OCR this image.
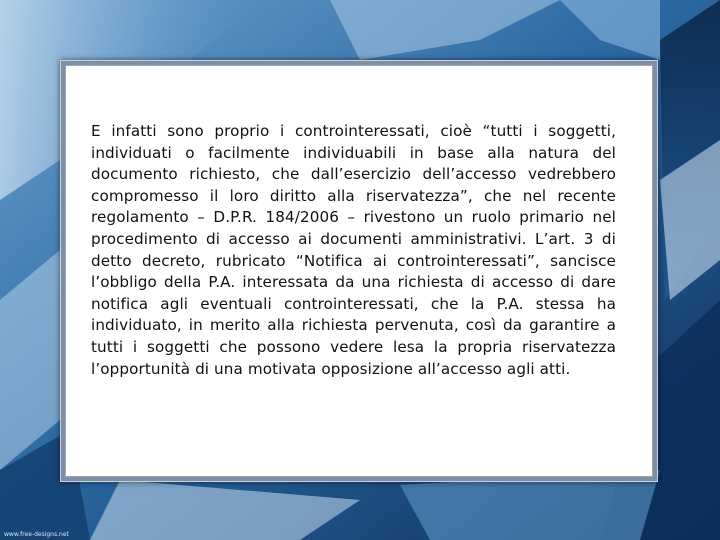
E infatti sono proprio i controinteressati, cioè “tutti i soggetti, individuati o facilmente individuabili in base alla natura del documento richiesto, che dall’esercizio dell’accesso vedrebbero compromesso il loro diritto alla riservatezza”, che nel recente regolamento – D.P.R. 184/2006 – rivestono un ruolo primario nel procedimento di accesso ai documenti amministrativi. L’art. 3 di detto decreto, rubricato “Notifica ai controinteressati”, sancisce l’obbligo della P.A. interessata da una richiesta di accesso di dare notifica agli eventuali controinteressati, che la P.A. stessa ha individuato, in merito alla richiesta pervenuta, così da garantire a tutti i soggetti che possono vedere lesa la propria riservatezza l’opportunità di una motivata opposizione all’accesso agli atti.

www.free-designs.net
